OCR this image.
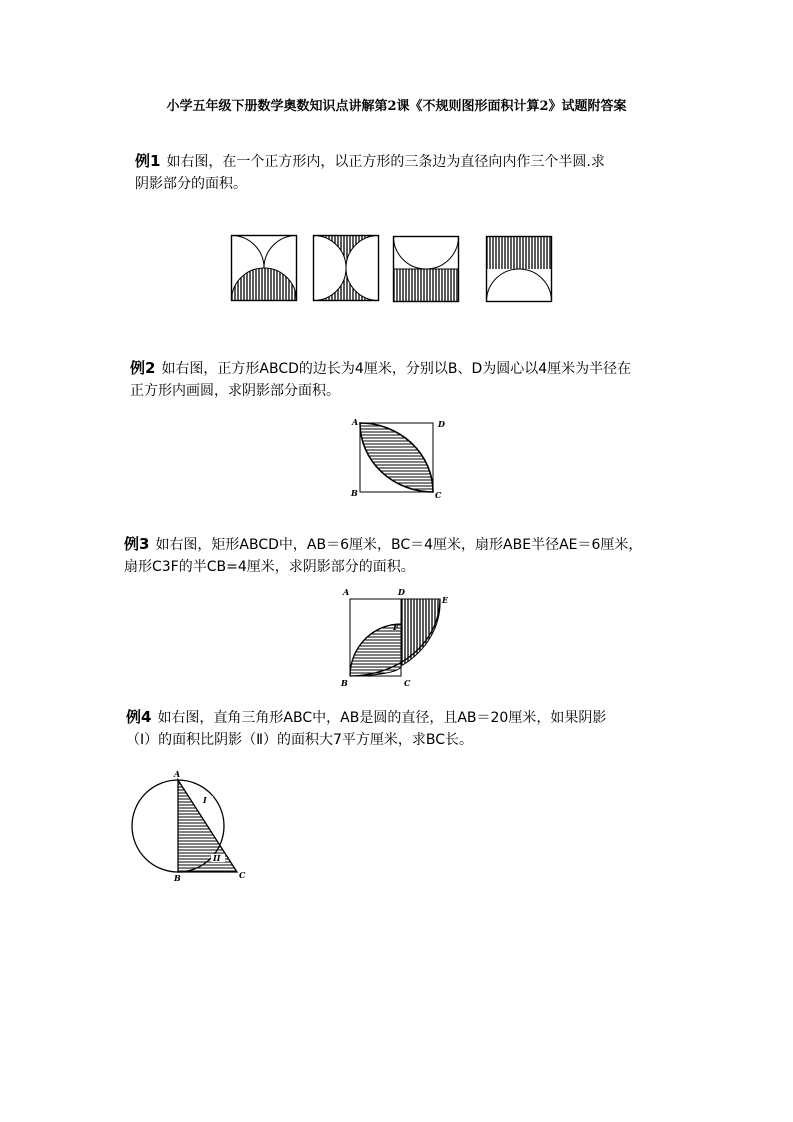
小学五年级下册数学奥数知识点讲解第2课《不规则图形面积计算2》试题附答案
例1 如右图，在一个正方形内，以正方形的三条边为直径向内作三个半圆.求
阴影部分的面积。
例2 如右图，正方形ABCD的边长为4厘米，分别以B、D为圆心以4厘米为半径在
正方形内画圆，求阴影部分面积。
A	D
B	C
例3 如右图，矩形ABCD中，AB＝6厘米，BC＝4厘米，扇形ABE半径AE＝6厘米，
扇形C3F的半CB=4厘米，求阴影部分的面积。
A	D
E
F
B	C
例4 如右图，直角三角形ABC中，AB是圆的直径，且AB＝20厘米，如果阴影
（Ⅰ）的面积比阴影（Ⅱ）的面积大7平方厘米，求BC长。
I
II
A
B	C
